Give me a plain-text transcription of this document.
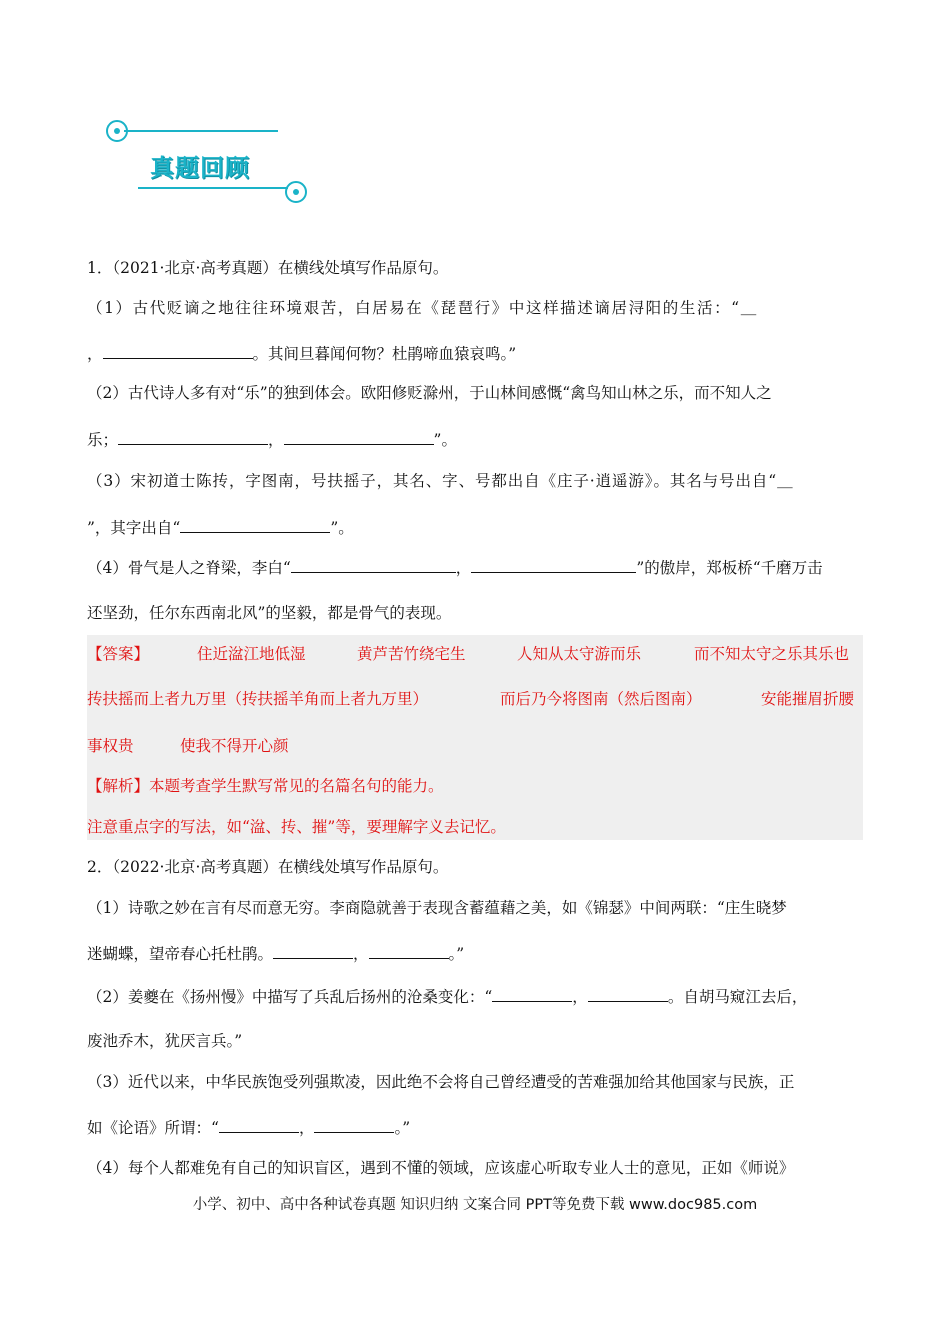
真题回顾
1．（2021·北京·高考真题）在横线处填写作品原句。
（1）古代贬谪之地往往环境艰苦，白居易在《琵琶行》中这样描述谪居浔阳的生活：“＿
，	。其间旦暮闻何物？杜鹃啼血猿哀鸣。”
（2）古代诗人多有对“乐”的独到体会。欧阳修贬滁州，于山林间感慨“禽鸟知山林之乐，而不知人之
乐；	，	”。
（3）宋初道士陈抟，字图南，号扶摇子，其名、字、号都出自《庄子·逍遥游》。其名与号出自“＿
”，其字出自“	”。
（4）骨气是人之脊梁，李白“	，	”的傲岸，郑板桥“千磨万击
还坚劲，任尔东西南北风”的坚毅，都是骨气的表现。
【答案】	住近湓江地低湿	黄芦苦竹绕宅生	人知从太守游而乐	而不知太守之乐其乐也
抟扶摇而上者九万里（抟扶摇羊角而上者九万里）	而后乃今将图南（然后图南）	安能摧眉折腰
事权贵	使我不得开心颜
【解析】 本题考查学生默写常见的名篇名句的能力。
注意重点字的写法，如“湓、抟、摧”等，要理解字义去记忆。
2．（2022·北京·高考真题）在横线处填写作品原句。
（1）诗歌之妙在言有尽而意无穷。李商隐就善于表现含蓄蕴藉之美，如《锦瑟》中间两联：“庄生晓梦
迷蝴蝶，望帝春心托杜鹃。	，	。”
（2）姜夔在《扬州慢》中描写了兵乱后扬州的沧桑变化：“	，	。自胡马窥江去后，
废池乔木，犹厌言兵。”
（3）近代以来，中华民族饱受列强欺凌，因此绝不会将自己曾经遭受的苦难强加给其他国家与民族，正
如《论语》所谓：“	，	。”
（4）每个人都难免有自己的知识盲区，遇到不懂的领域，应该虚心听取专业人士的意见，正如《师说》
小学、初中、高中各种试卷真题 知识归纳 文案合同 PPT等免费下载 www.doc985.com
